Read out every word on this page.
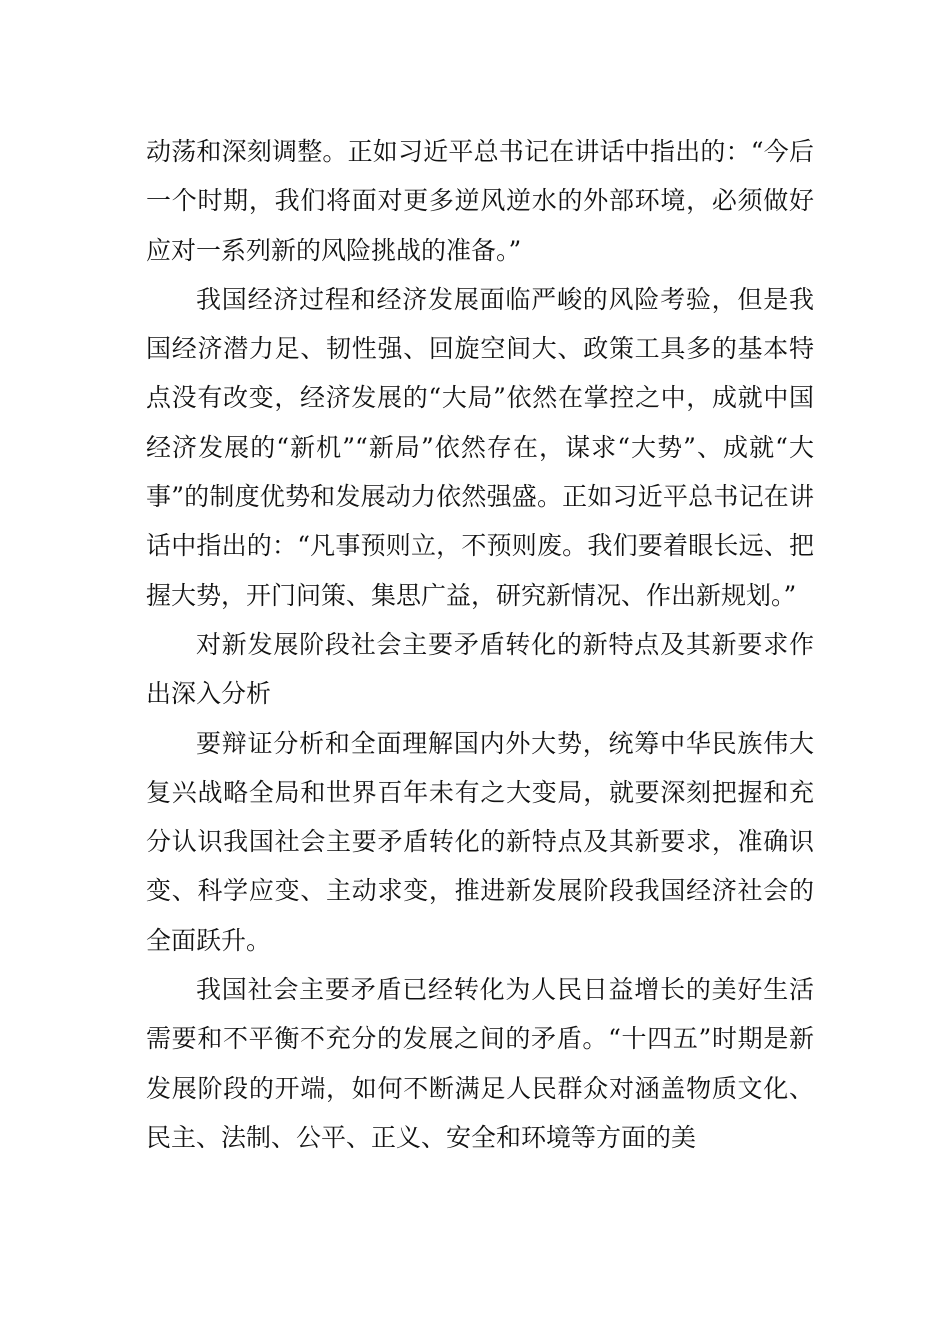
动荡和深刻调整。正如习近平总书记在讲话中指出的：“今后一个时期，我们将面对更多逆风逆水的外部环境，必须做好应对一系列新的风险挑战的准备。”

我国经济过程和经济发展面临严峻的风险考验，但是我国经济潜力足、韧性强、回旋空间大、政策工具多的基本特点没有改变，经济发展的“大局”依然在掌控之中，成就中国经济发展的“新机”“新局”依然存在，谋求“大势”、成就“大事”的制度优势和发展动力依然强盛。正如习近平总书记在讲话中指出的：“凡事预则立，不预则废。我们要着眼长远、把握大势，开门问策、集思广益，研究新情况、作出新规划。”

对新发展阶段社会主要矛盾转化的新特点及其新要求作出深入分析

要辩证分析和全面理解国内外大势，统筹中华民族伟大复兴战略全局和世界百年未有之大变局，就要深刻把握和充分认识我国社会主要矛盾转化的新特点及其新要求，准确识变、科学应变、主动求变，推进新发展阶段我国经济社会的全面跃升。

我国社会主要矛盾已经转化为人民日益增长的美好生活需要和不平衡不充分的发展之间的矛盾。“十四五”时期是新发展阶段的开端，如何不断满足人民群众对涵盖物质文化、民主、法制、公平、正义、安全和环境等方面的美
